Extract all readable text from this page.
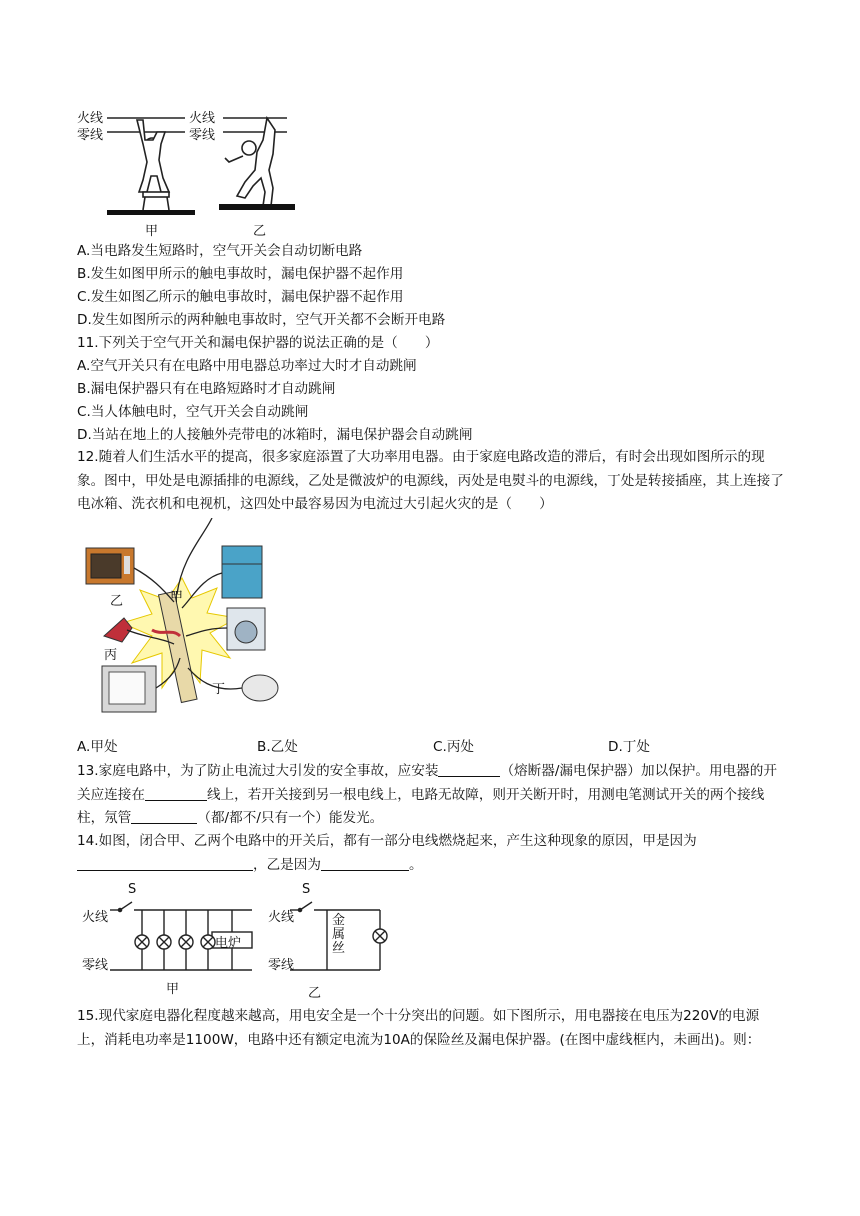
火线
零线
火线
零线
甲	乙
A.当电路发生短路时，空气开关会自动切断电路
B.发生如图甲所示的触电事故时，漏电保护器不起作用
C.发生如图乙所示的触电事故时，漏电保护器不起作用
D.发生如图所示的两种触电事故时，空气开关都不会断开电路
11.下列关于空气开关和漏电保护器的说法正确的是（　　）
A.空气开关只有在电路中用电器总功率过大时才自动跳闸
B.漏电保护器只有在电路短路时才自动跳闸
C.当人体触电时，空气开关会自动跳闸
D.当站在地上的人接触外壳带电的冰箱时，漏电保护器会自动跳闸
12.随着人们生活水平的提高，很多家庭添置了大功率用电器。由于家庭电路改造的滞后，有时会出现如图所示的现象。图中，甲处是电源插排的电源线，乙处是微波炉的电源线，丙处是电熨斗的电源线，丁处是转接插座，其上连接了电冰箱、洗衣机和电视机，这四处中最容易因为电流过大引起火灾的是（　　）
甲
乙
丙
丁
A.甲处	B.乙处	C.丙处	D.丁处
13.家庭电路中，为了防止电流过大引发的安全事故，应安装	（熔断器/漏电保护器）加以保护。用电器的开关应连接在	线上，若开关接到另一根电线上，电路无故障，则开关断开时，用测电笔测试开关的两个接线柱，氖管	（都/都不/只有一个）能发光。
14.如图，闭合甲、乙两个电路中的开关后，都有一部分电线燃烧起来，产生这种现象的原因，甲是因为，乙是因为	。
S
火线
零线
电炉
甲
S
火线
零线
金属丝
乙
15.现代家庭电器化程度越来越高，用电安全是一个十分突出的问题。如下图所示，用电器接在电压为220V的电源上，消耗电功率是1100W，电路中还有额定电流为10A的保险丝及漏电保护器。(在图中虚线框内，未画出)。则：
